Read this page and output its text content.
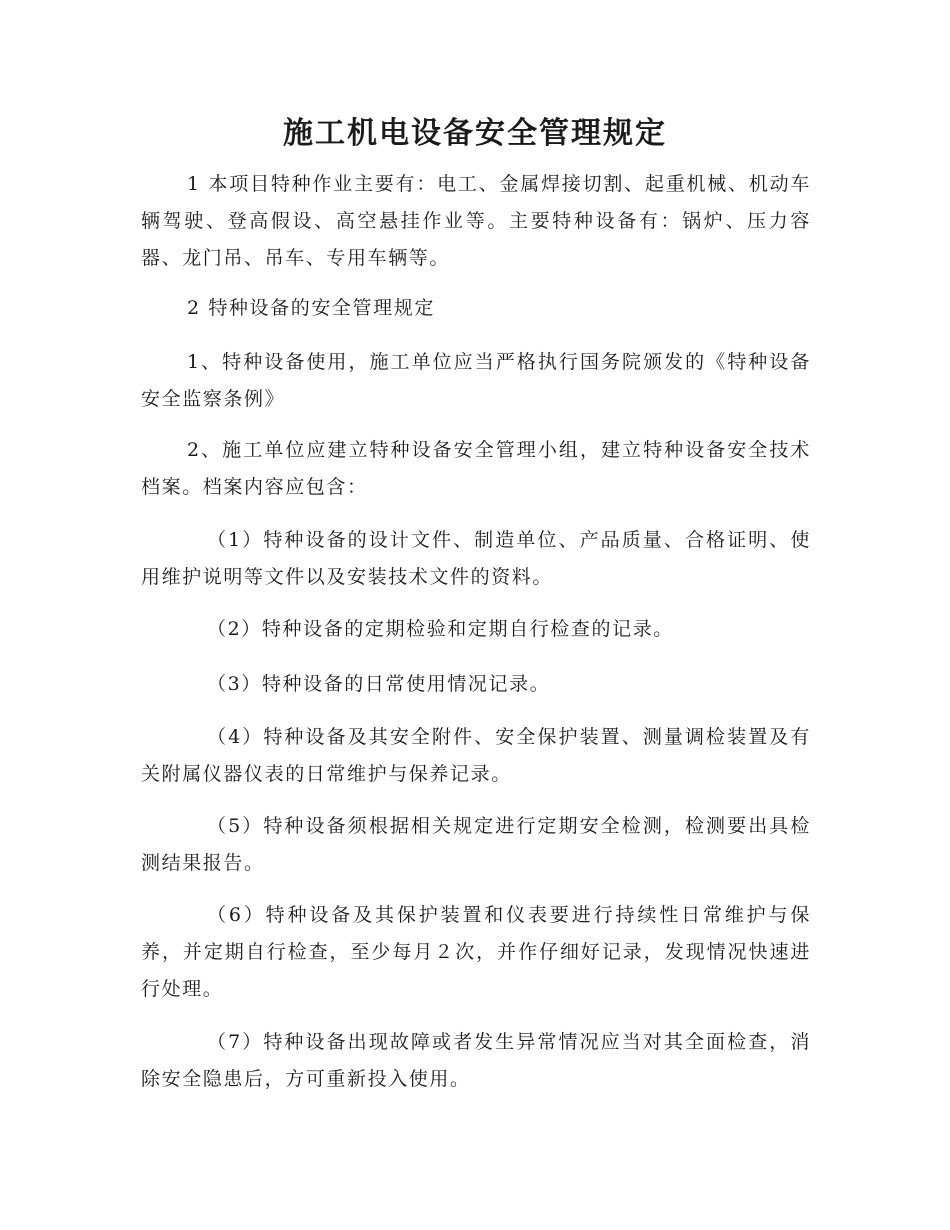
施工机电设备安全管理规定

1 本项目特种作业主要有：电工、金属焊接切割、起重机械、机动车辆驾驶、登高假设、高空悬挂作业等。主要特种设备有：锅炉、压力容器、龙门吊、吊车、专用车辆等。

2 特种设备的安全管理规定

1、特种设备使用，施工单位应当严格执行国务院颁发的《特种设备安全监察条例》

2、施工单位应建立特种设备安全管理小组，建立特种设备安全技术档案。档案内容应包含：

（1）特种设备的设计文件、制造单位、产品质量、合格证明、使用维护说明等文件以及安装技术文件的资料。

（2）特种设备的定期检验和定期自行检查的记录。

（3）特种设备的日常使用情况记录。

（4）特种设备及其安全附件、安全保护装置、测量调检装置及有关附属仪器仪表的日常维护与保养记录。

（5）特种设备须根据相关规定进行定期安全检测，检测要出具检测结果报告。

（6）特种设备及其保护装置和仪表要进行持续性日常维护与保养，并定期自行检查，至少每月２次，并作仔细好记录，发现情况快速进行处理。

（7）特种设备出现故障或者发生异常情况应当对其全面检查，消除安全隐患后，方可重新投入使用。
